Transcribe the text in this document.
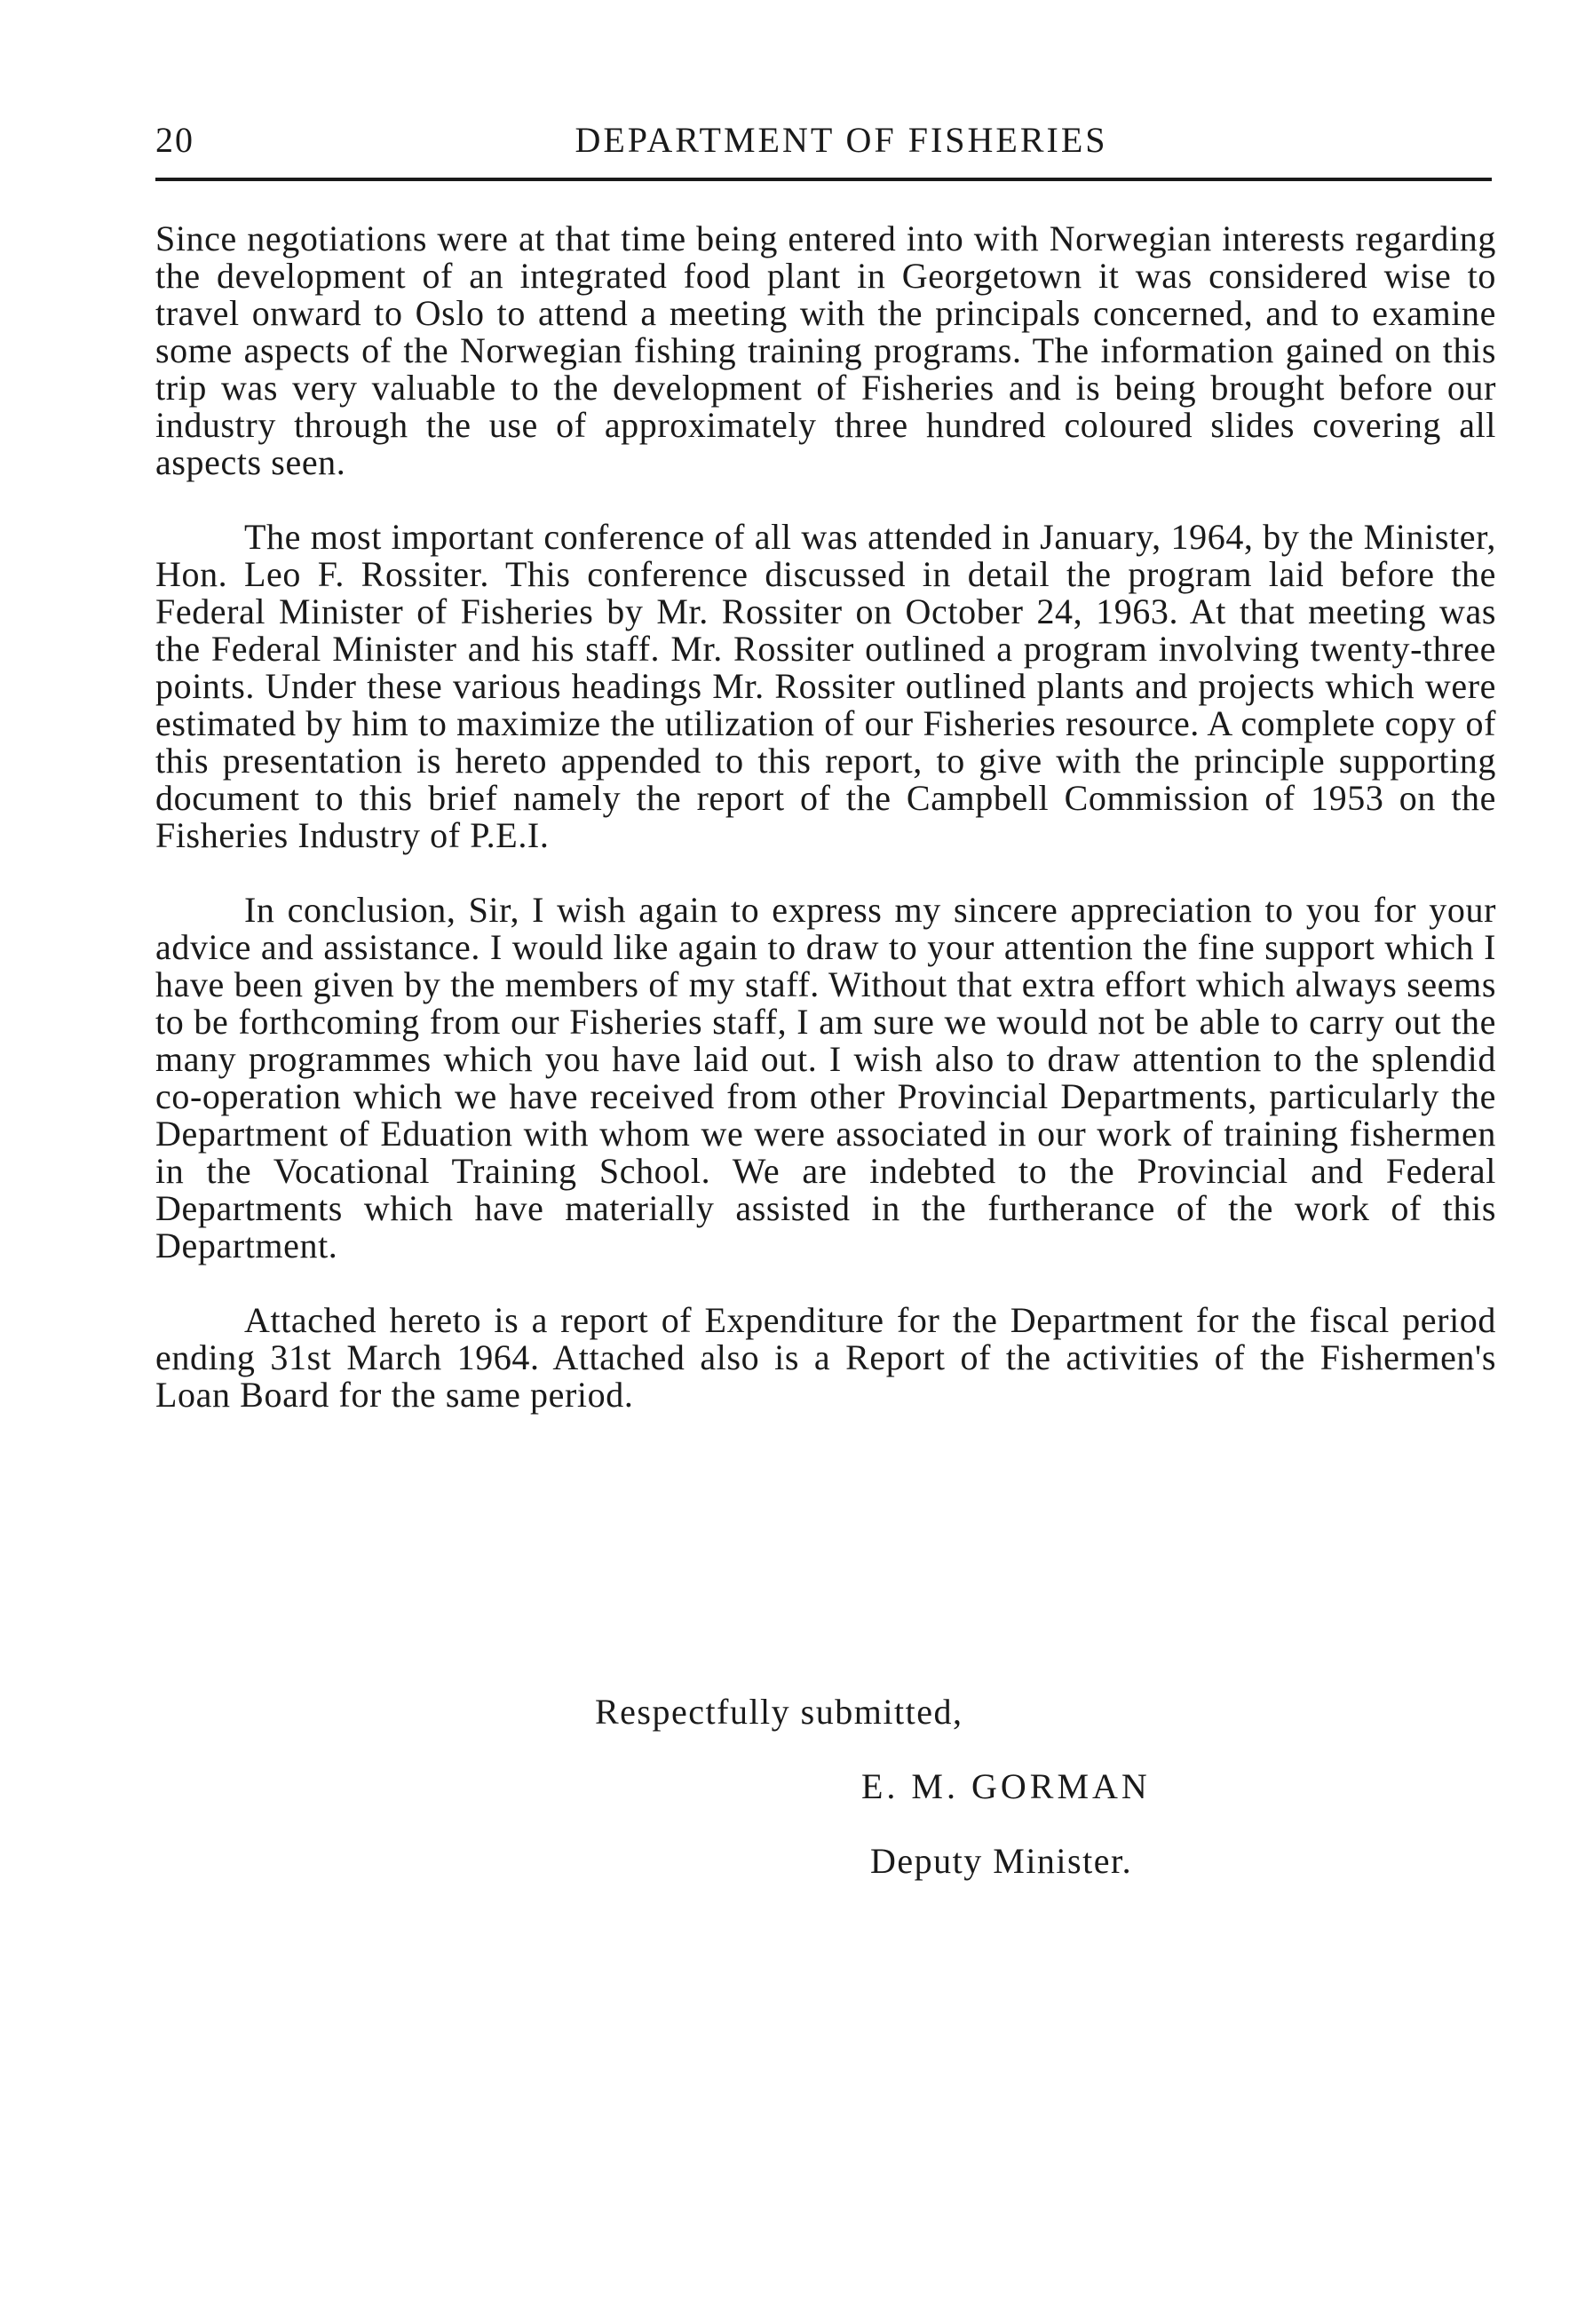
20	DEPARTMENT OF FISHERIES

Since negotiations were at that time being entered into with Norwegian interests regarding the development of an integrated food plant in Georgetown it was considered wise to travel onward to Oslo to attend a meeting with the principals concerned, and to examine some aspects of the Norwegian fishing training programs. The information gained on this trip was very valuable to the development of Fisheries and is being brought before our industry through the use of approximately three hundred coloured slides covering all aspects seen.

The most important conference of all was attended in January, 1964, by the Minister, Hon. Leo F. Rossiter. This conference discussed in detail the program laid before the Federal Minister of Fisheries by Mr. Rossiter on October 24, 1963. At that meeting was the Federal Minister and his staff. Mr. Rossiter outlined a program involving twenty-three points. Under these various headings Mr. Rossiter outlined plants and projects which were estimated by him to maximize the utilization of our Fisheries resource. A complete copy of this presentation is hereto appended to this report, to give with the principle supporting document to this brief namely the report of the Campbell Commission of 1953 on the Fisheries Industry of P.E.I.

In conclusion, Sir, I wish again to express my sincere appreciation to you for your advice and assistance. I would like again to draw to your attention the fine support which I have been given by the members of my staff. Without that extra effort which always seems to be forthcoming from our Fisheries staff, I am sure we would not be able to carry out the many programmes which you have laid out. I wish also to draw attention to the splendid co-operation which we have received from other Provincial Departments, particularly the Department of Eduation with whom we were associated in our work of training fishermen in the Vocational Training School. We are indebted to the Provincial and Federal Departments which have materially assisted in the furtherance of the work of this Department.

Attached hereto is a report of Expenditure for the Department for the fiscal period ending 31st March 1964. Attached also is a Report of the activities of the Fishermen's Loan Board for the same period.

Respectfully submitted,
E. M. GORMAN
Deputy Minister.
